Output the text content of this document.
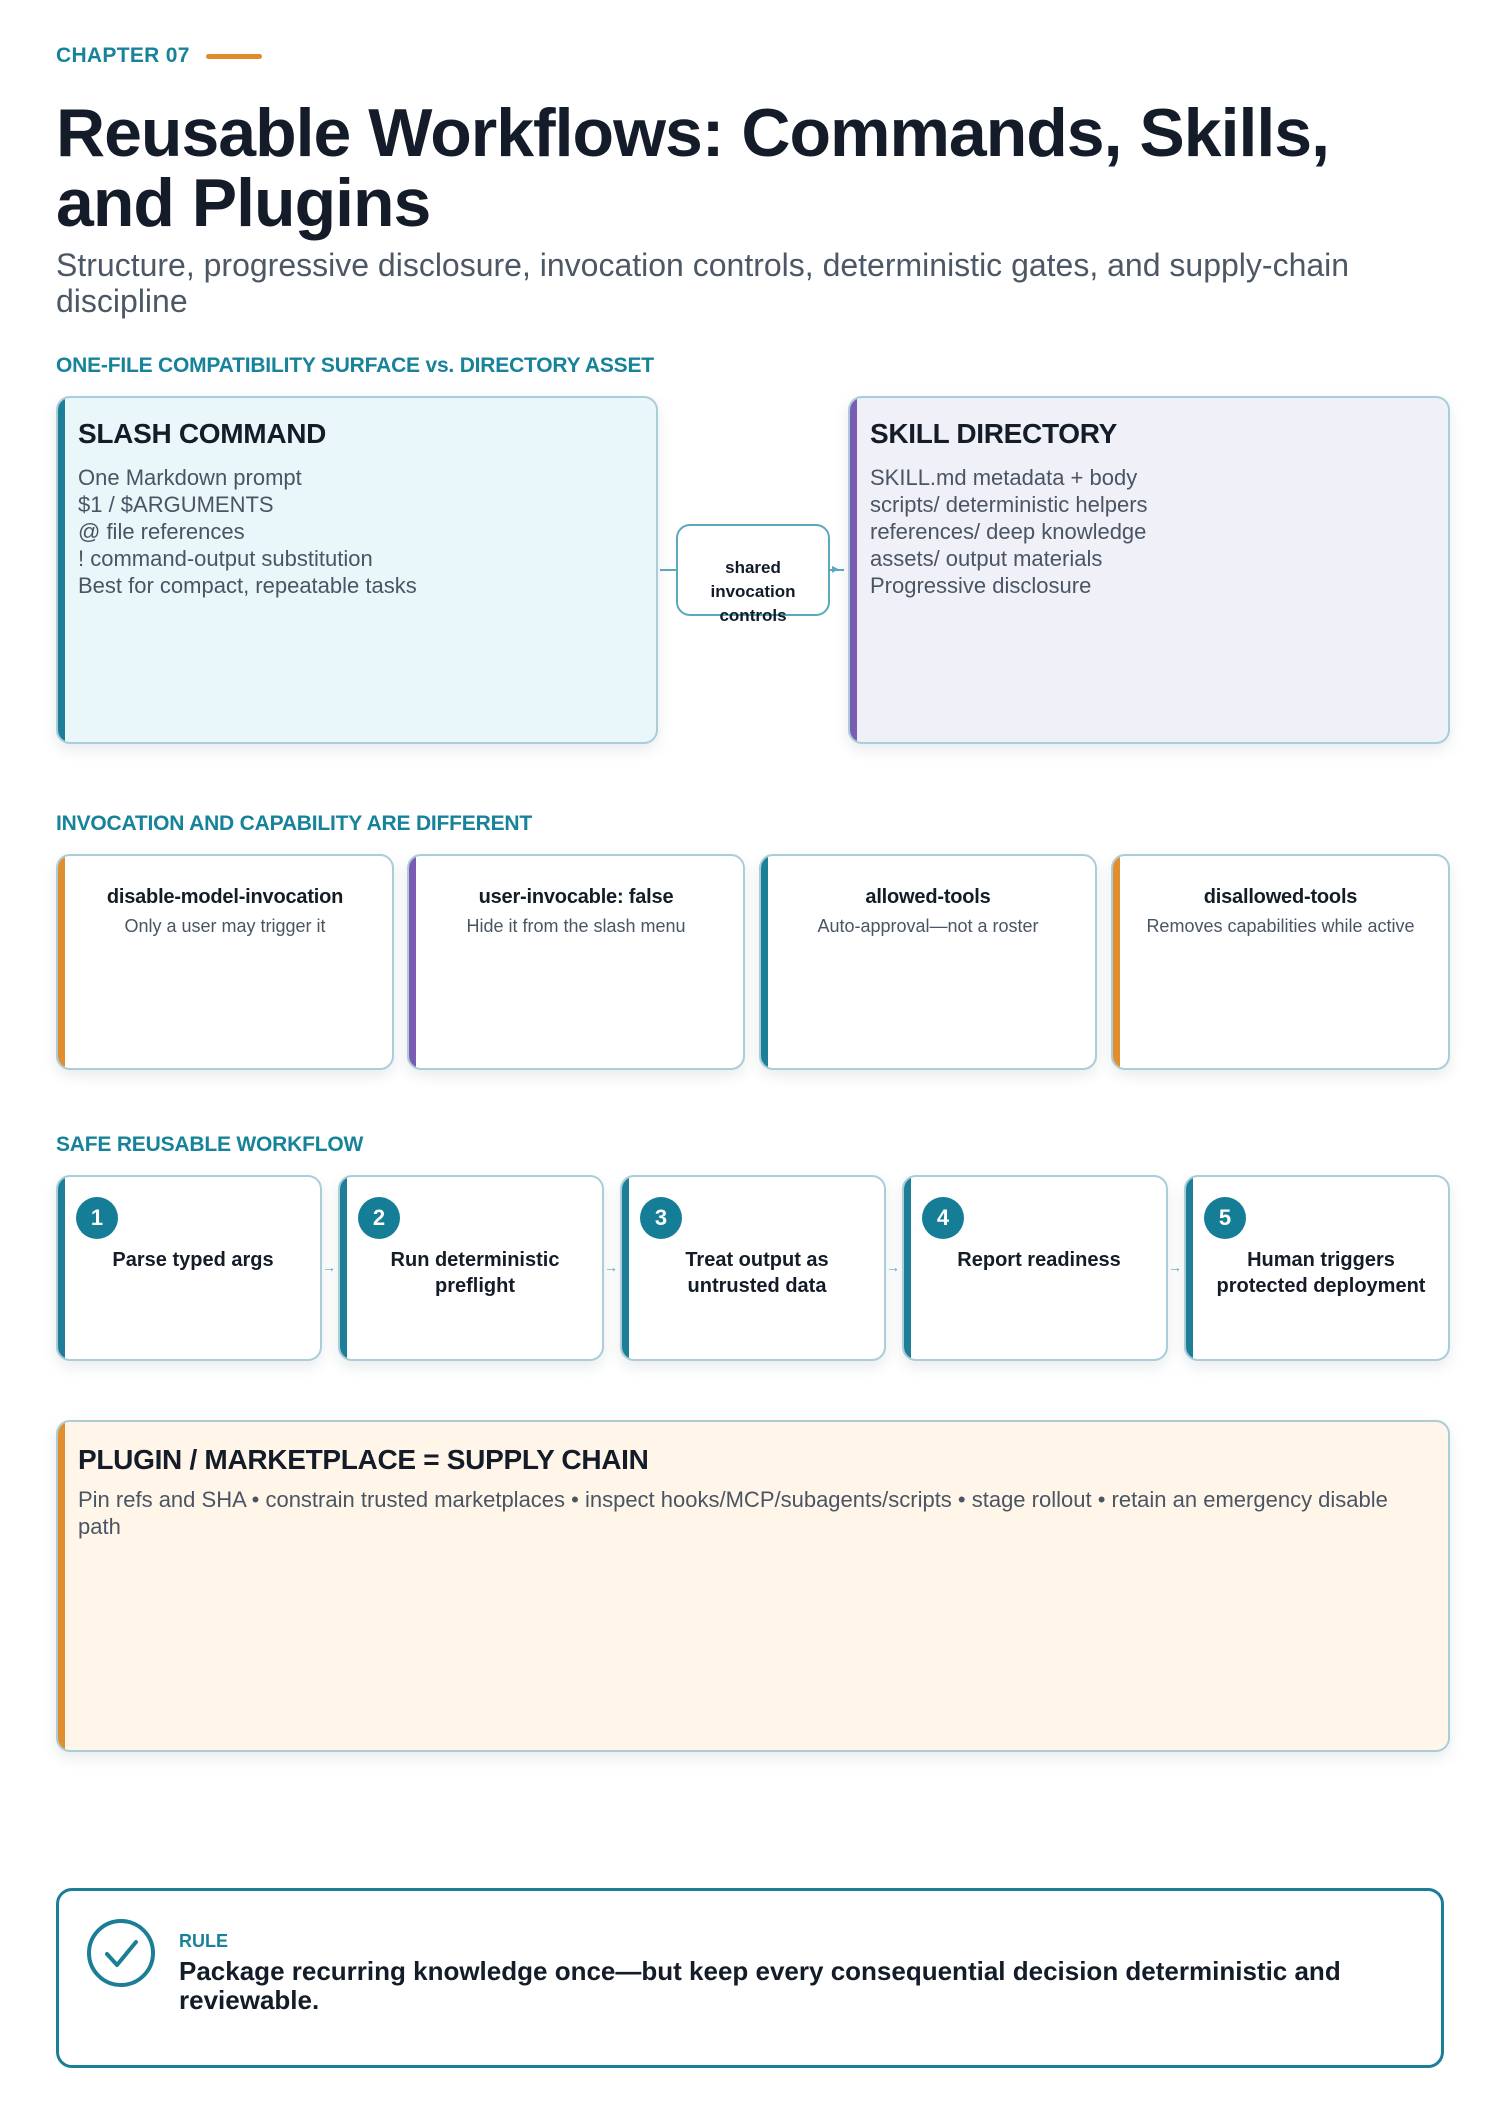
CHAPTER 07
Reusable Workflows: Commands, Skills, and Plugins
Structure, progressive disclosure, invocation controls, deterministic gates, and supply-chain discipline
ONE-FILE COMPATIBILITY SURFACE vs. DIRECTORY ASSET
SLASH COMMAND
One Markdown prompt
$1 / $ARGUMENTS
@ file references
! command-output substitution
Best for compact, repeatable tasks
▸
shared invocation controls
SKILL DIRECTORY
SKILL.md metadata + body
scripts/ deterministic helpers
references/ deep knowledge
assets/ output materials
Progressive disclosure
INVOCATION AND CAPABILITY ARE DIFFERENT
disable-model-invocation
Only a user may trigger it
user-invocable: false
Hide it from the slash menu
allowed-tools
Auto-approval—not a roster
disallowed-tools
Removes capabilities while active
SAFE REUSABLE WORKFLOW
1
Parse typed args	→
2
Run deterministic preflight
→
3
Treat output as untrusted data
→
4
Report readiness	→
5
Human triggers protected deployment
PLUGIN / MARKETPLACE = SUPPLY CHAIN
Pin refs and SHA • constrain trusted marketplaces • inspect hooks/MCP/subagents/scripts • stage rollout • retain an emergency disable path
RULE
Package recurring knowledge once—but keep every consequential decision deterministic and reviewable.
